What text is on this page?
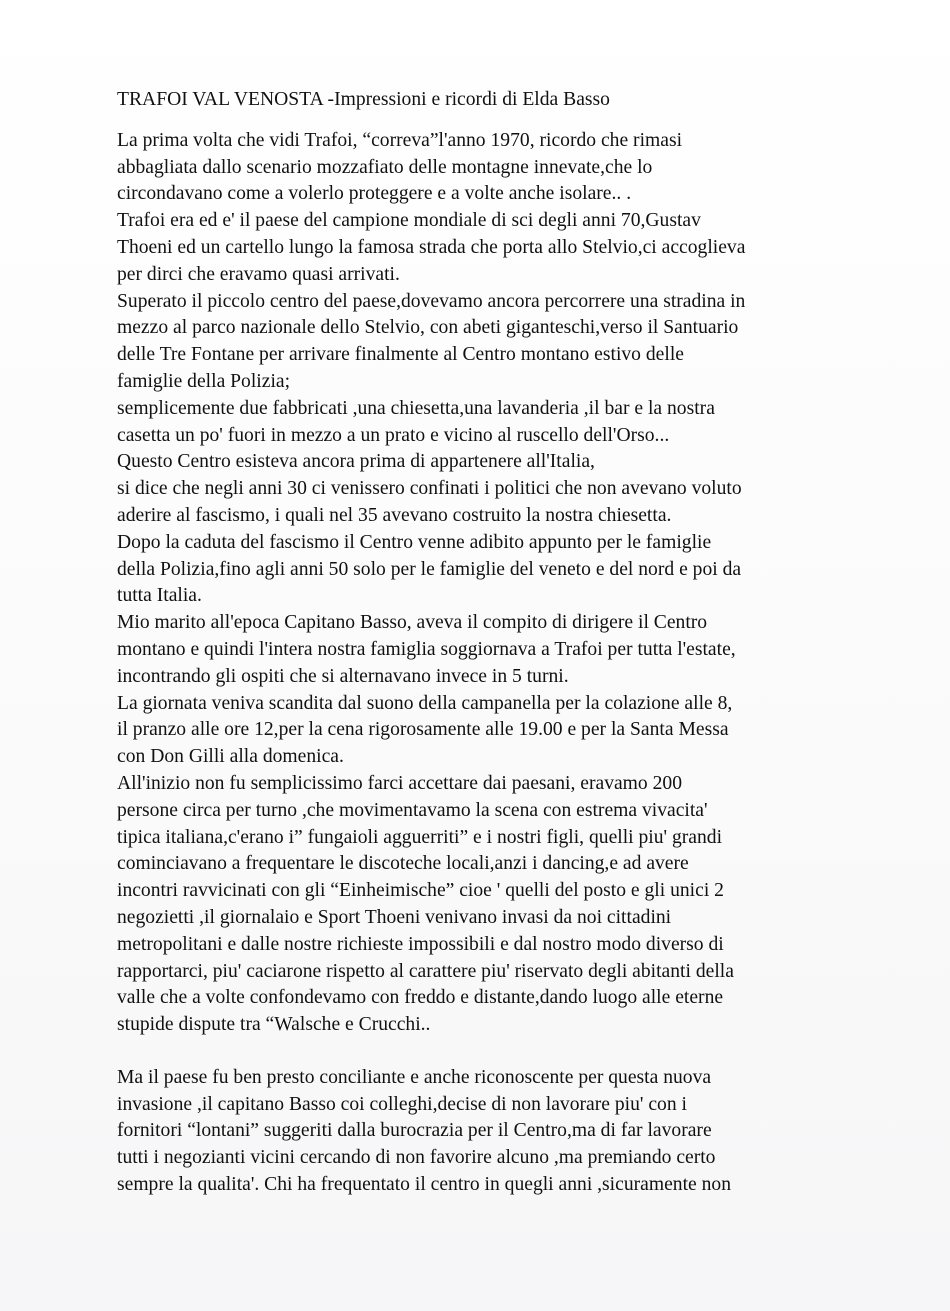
TRAFOI VAL VENOSTA -Impressioni e ricordi di Elda Basso

La prima volta che vidi Trafoi, “correva”l'anno 1970, ricordo che rimasi

abbagliata dallo scenario mozzafiato delle montagne innevate,che lo

circondavano come a volerlo proteggere e a volte anche isolare.. .

Trafoi era ed e' il paese del campione mondiale di sci degli anni 70,Gustav

Thoeni ed un cartello lungo la famosa strada che porta allo Stelvio,ci accoglieva

per dirci che eravamo quasi arrivati.

Superato il piccolo centro del paese,dovevamo ancora percorrere una stradina in

mezzo al parco nazionale dello Stelvio, con abeti giganteschi,verso il Santuario

delle Tre Fontane per arrivare finalmente al Centro montano estivo delle

famiglie della Polizia;

semplicemente due fabbricati ,una chiesetta,una lavanderia ,il bar e la nostra

casetta un po' fuori in mezzo a un prato e vicino al ruscello dell'Orso...

Questo Centro esisteva ancora prima di appartenere all'Italia,

si dice che negli anni 30 ci venissero confinati i politici che non avevano voluto

aderire al fascismo, i quali nel 35 avevano costruito la nostra chiesetta.

Dopo la caduta del fascismo il Centro venne adibito appunto per le famiglie

della Polizia,fino agli anni 50 solo per le famiglie del veneto e del nord e poi da

tutta Italia.

Mio marito all'epoca Capitano Basso, aveva il compito di dirigere il Centro

montano e quindi l'intera nostra famiglia soggiornava a Trafoi per tutta l'estate,

incontrando gli ospiti che si alternavano invece in 5 turni.

La giornata veniva scandita dal suono della campanella per la colazione alle 8,

il pranzo alle ore 12,per la cena rigorosamente alle 19.00 e per la Santa Messa

con Don Gilli alla domenica.

All'inizio non fu semplicissimo farci accettare dai paesani, eravamo 200

persone circa per turno ,che movimentavamo la scena con estrema vivacita'

tipica italiana,c'erano i” fungaioli agguerriti” e i nostri figli, quelli piu' grandi

cominciavano a frequentare le discoteche locali,anzi i dancing,e ad avere

incontri ravvicinati con gli “Einheimische” cioe ' quelli del posto e gli unici 2

negozietti ,il giornalaio e Sport Thoeni venivano invasi da noi cittadini

metropolitani e dalle nostre richieste impossibili e dal nostro modo diverso di

rapportarci, piu' caciarone rispetto al carattere piu' riservato degli abitanti della

valle che a volte confondevamo con freddo e distante,dando luogo alle eterne

stupide dispute tra “Walsche e Crucchi..

Ma il paese fu ben presto conciliante e anche riconoscente per questa nuova

invasione ,il capitano Basso coi colleghi,decise di non lavorare piu' con i

fornitori “lontani” suggeriti dalla burocrazia per il Centro,ma di far lavorare

tutti i negozianti vicini cercando di non favorire alcuno ,ma premiando certo

sempre la qualita'. Chi ha frequentato il centro in quegli anni ,sicuramente non
